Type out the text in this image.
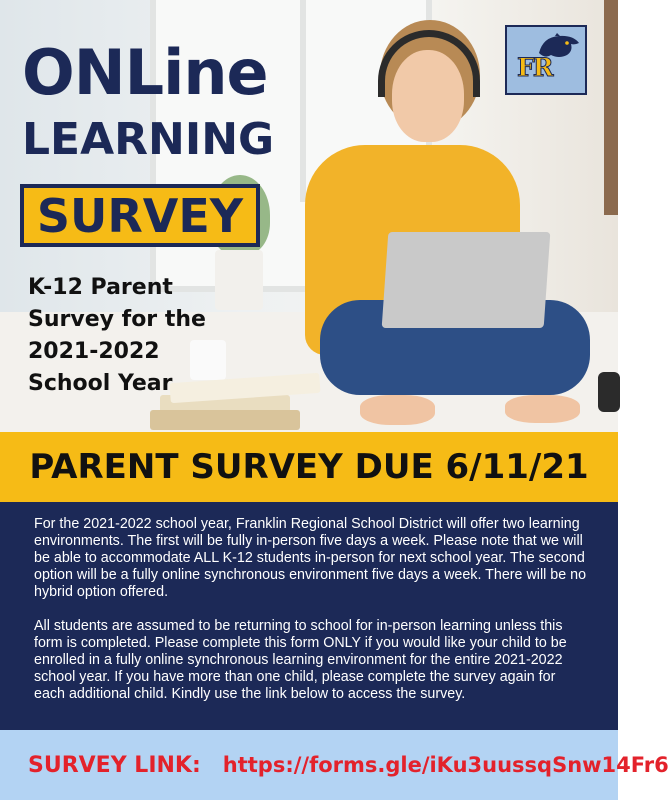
ONLine
LEARNING
SURVEY
K-12 Parent
Survey for the
2021-2022
School Year
FR
PARENT SURVEY DUE 6/11/21

For the 2021-2022 school year, Franklin Regional School District will offer two learning environments. The first will be fully in-person five days a week. Please note that we will be able to accommodate ALL K-12 students in-person for next school year. The second option will be a fully online synchronous environment five days a week. There will be no hybrid option offered.

All students are assumed to be returning to school for in-person learning unless this form is completed. Please complete this form ONLY if you would like your child to be enrolled in a fully online synchronous learning environment for the entire 2021-2022 school year. If you have more than one child, please complete the survey again for each additional child. Kindly use the link below to access the survey.

SURVEY LINK: https://forms.gle/iKu3uussqSnw14Fr6
